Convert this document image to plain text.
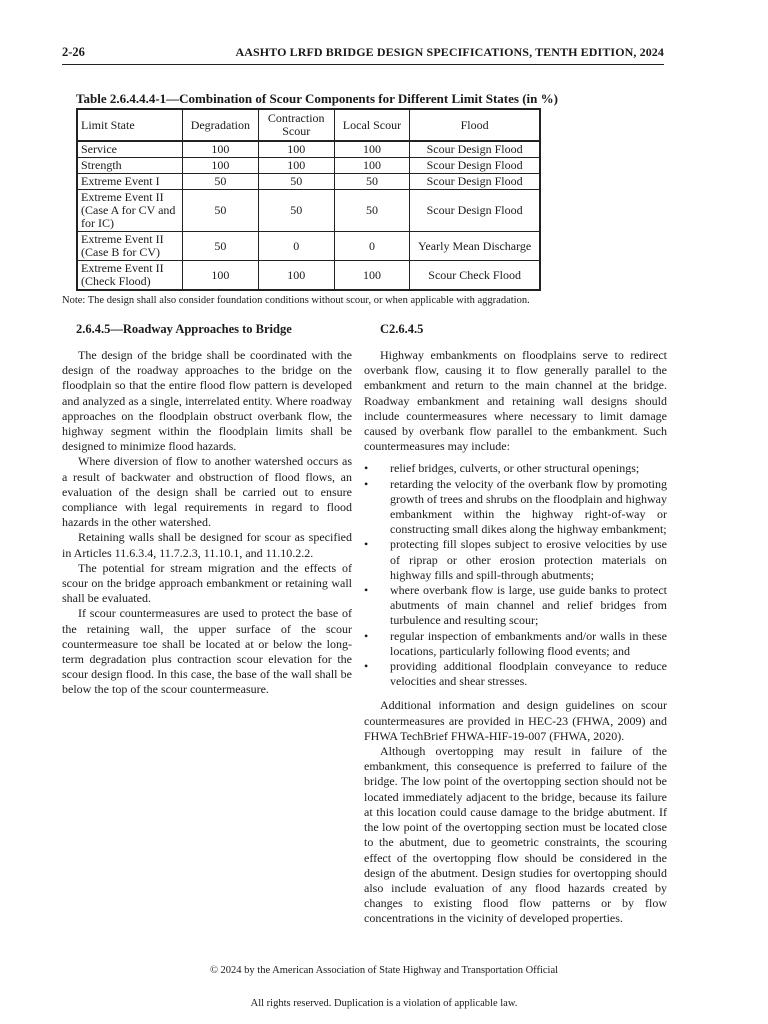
2-26	AASHTO LRFD BRIDGE DESIGN SPECIFICATIONS, TENTH EDITION, 2024
Table 2.6.4.4.4-1—Combination of Scour Components for Different Limit States (in %)
Limit State	Degradation	Contraction Scour	Local Scour	Flood
Service	100	100	100	Scour Design Flood
Strength	100	100	100	Scour Design Flood
Extreme Event I	50	50	50	Scour Design Flood
Extreme Event II (Case A for CV and for IC)	50	50	50	Scour Design Flood
Extreme Event II (Case B for CV)	50	0	0	Yearly Mean Discharge
Extreme Event II (Check Flood)	100	100	100	Scour Check Flood
Note: The design shall also consider foundation conditions without scour, or when applicable with aggradation.
2.6.4.5—Roadway Approaches to Bridge	C2.6.4.5

The design of the bridge shall be coordinated with the design of the roadway approaches to the bridge on the floodplain so that the entire flood flow pattern is developed and analyzed as a single, interrelated entity. Where roadway approaches on the floodplain obstruct overbank flow, the highway segment within the floodplain limits shall be designed to minimize flood hazards.

Where diversion of flow to another watershed occurs as a result of backwater and obstruction of flood flows, an evaluation of the design shall be carried out to ensure compliance with legal requirements in regard to flood hazards in the other watershed.

Retaining walls shall be designed for scour as specified in Articles 11.6.3.4, 11.7.2.3, 11.10.1, and 11.10.2.2.

The potential for stream migration and the effects of scour on the bridge approach embankment or retaining wall shall be evaluated.

If scour countermeasures are used to protect the base of the retaining wall, the upper surface of the scour countermeasure toe shall be located at or below the long-term degradation plus contraction scour elevation for the scour design flood. In this case, the base of the wall shall be below the top of the scour countermeasure.

Highway embankments on floodplains serve to redirect overbank flow, causing it to flow generally parallel to the embankment and return to the main channel at the bridge. Roadway embankment and retaining wall designs should include countermeasures where necessary to limit damage caused by overbank flow parallel to the embankment. Such countermeasures may include:

• relief bridges, culverts, or other structural openings;
• retarding the velocity of the overbank flow by promoting growth of trees and shrubs on the floodplain and highway embankment within the highway right-of-way or constructing small dikes along the highway embankment;
• protecting fill slopes subject to erosive velocities by use of riprap or other erosion protection materials on highway fills and spill-through abutments;
• where overbank flow is large, use guide banks to protect abutments of main channel and relief bridges from turbulence and resulting scour;
• regular inspection of embankments and/or walls in these locations, particularly following flood events; and
• providing additional floodplain conveyance to reduce velocities and shear stresses.

Additional information and design guidelines on scour countermeasures are provided in HEC-23 (FHWA, 2009) and FHWA TechBrief FHWA-HIF-19-007 (FHWA, 2020).

Although overtopping may result in failure of the embankment, this consequence is preferred to failure of the bridge. The low point of the overtopping section should not be located immediately adjacent to the bridge, because its failure at this location could cause damage to the bridge abutment. If the low point of the overtopping section must be located close to the abutment, due to geometric constraints, the scouring effect of the overtopping flow should be considered in the design of the abutment. Design studies for overtopping should also include evaluation of any flood hazards created by changes to existing flood flow patterns or by flow concentrations in the vicinity of developed properties.

© 2024 by the American Association of State Highway and Transportation Official
All rights reserved. Duplication is a violation of applicable law.
